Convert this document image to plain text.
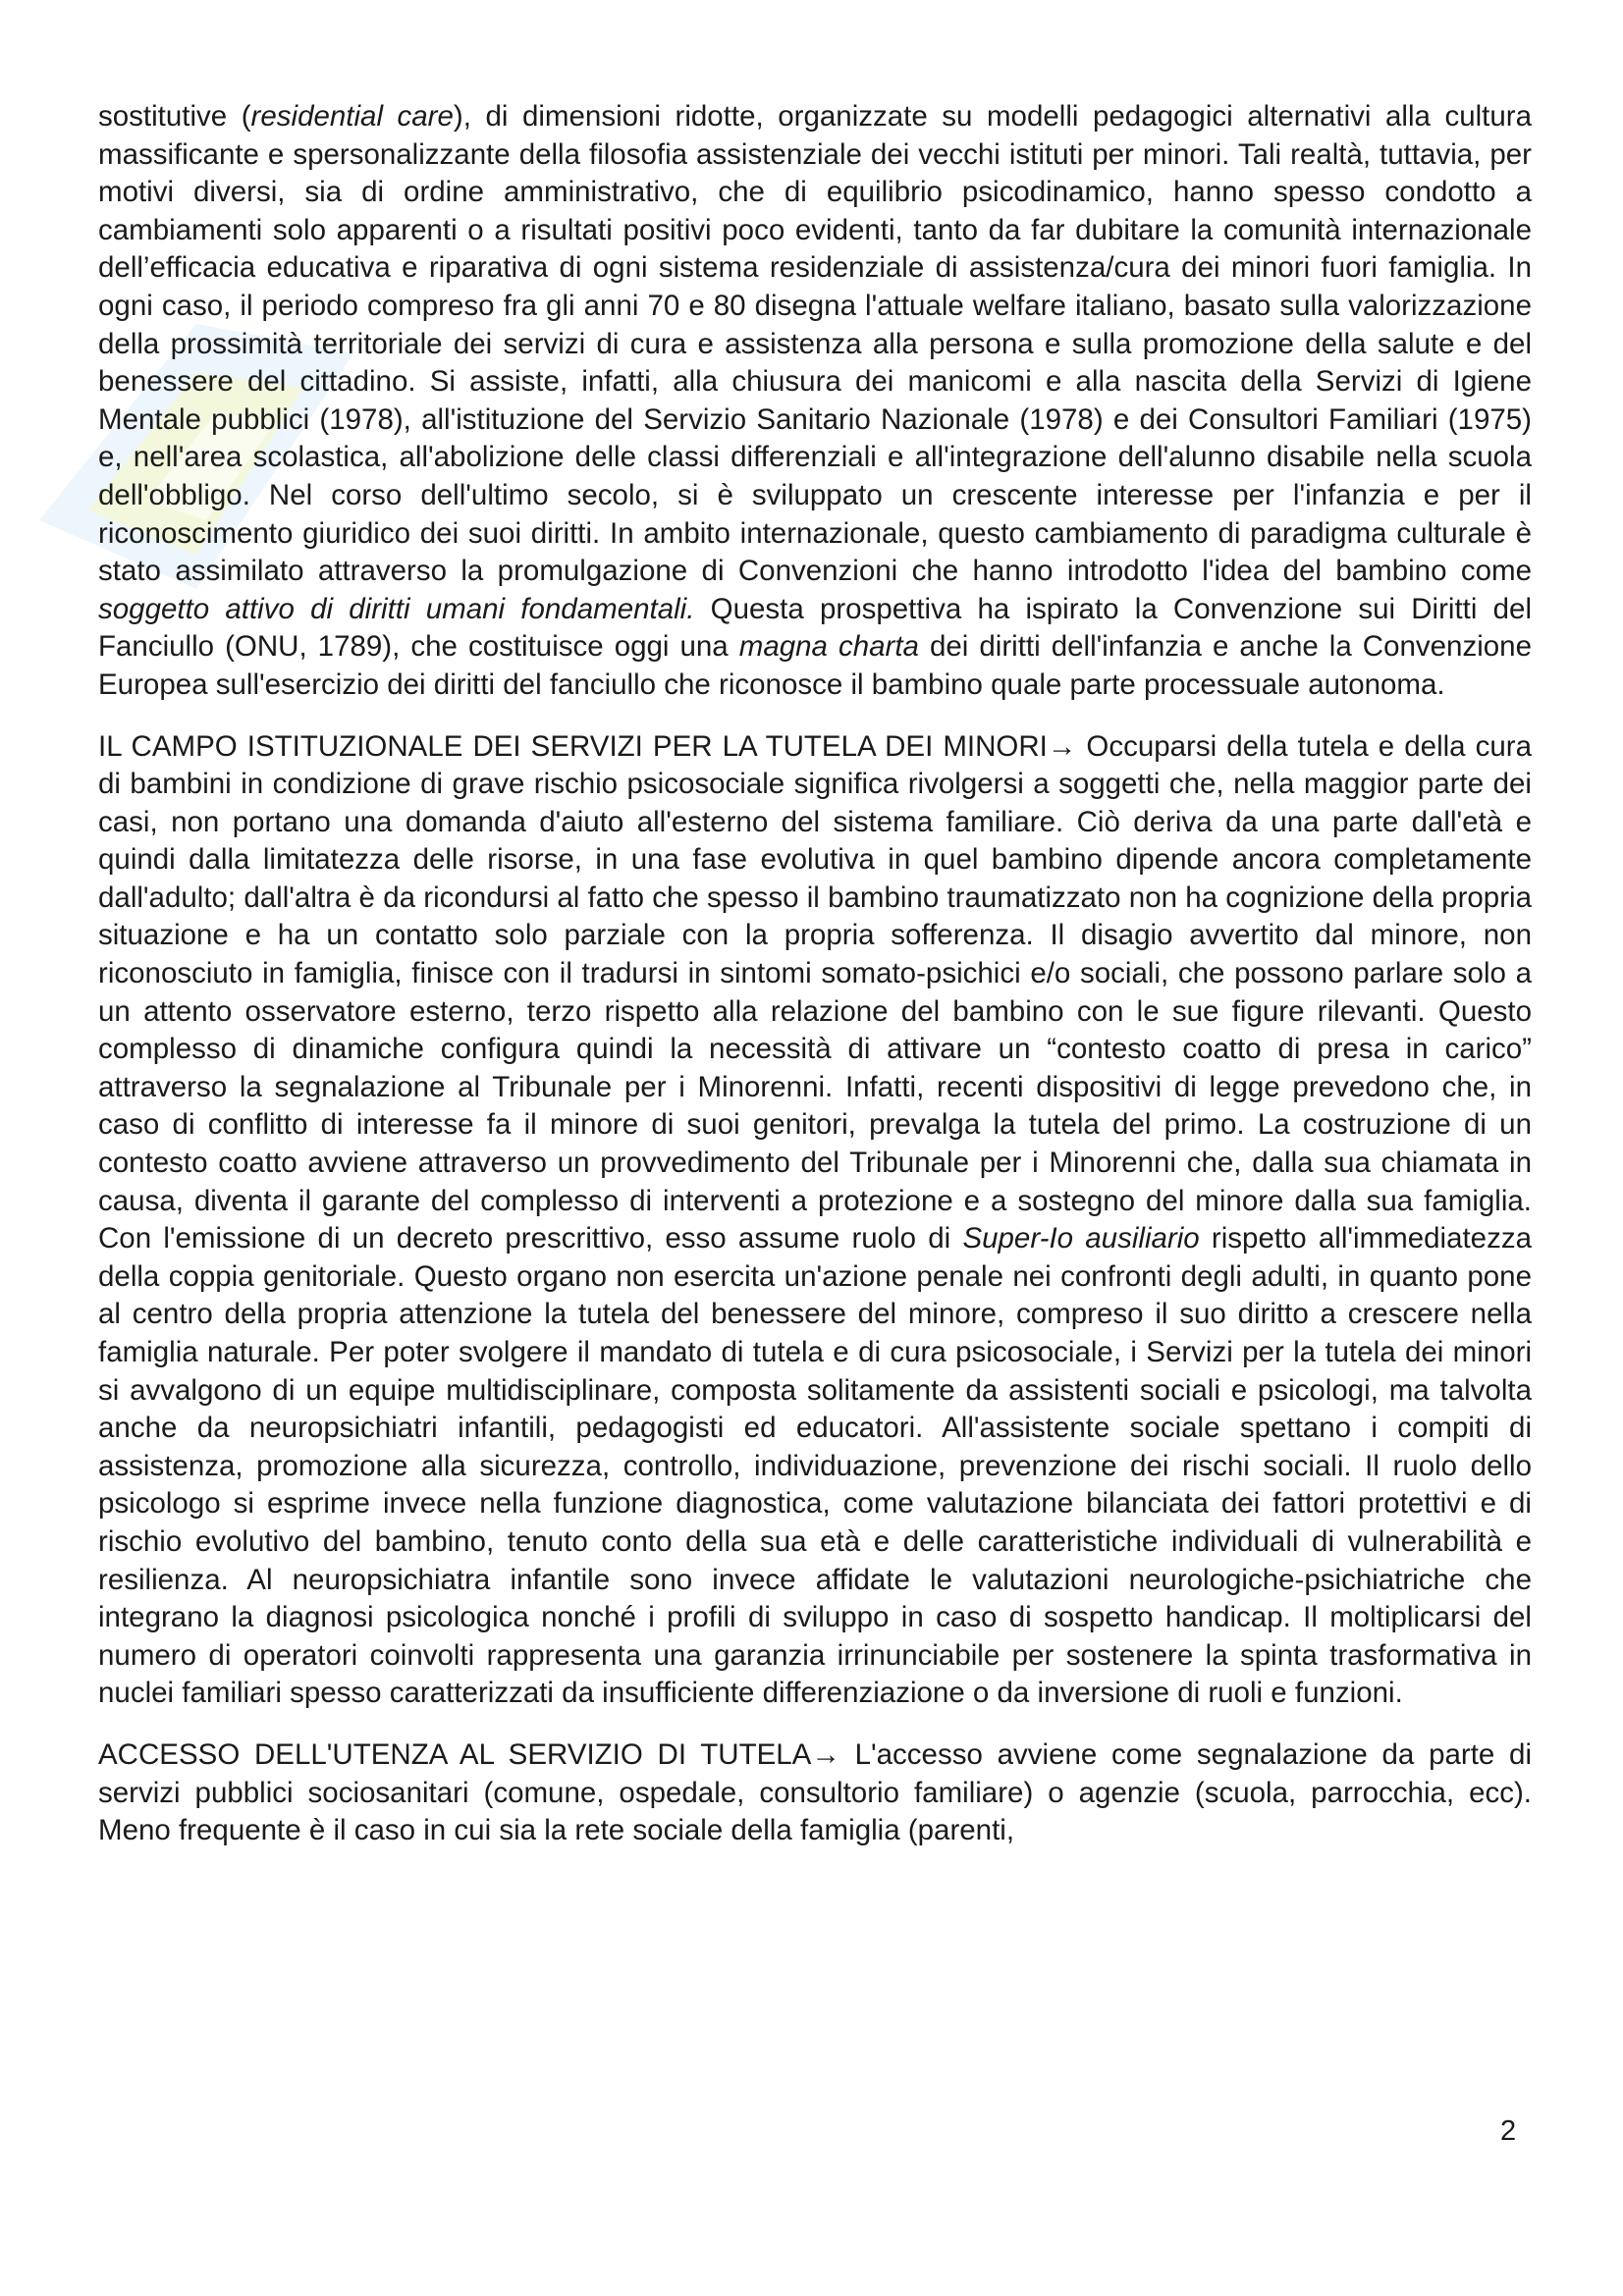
sostitutive (residential care), di dimensioni ridotte, organizzate su modelli pedagogici alternativi alla cultura massificante e spersonalizzante della filosofia assistenziale dei vecchi istituti per minori. Tali realtà, tuttavia, per motivi diversi, sia di ordine amministrativo, che di equilibrio psicodinamico, hanno spesso condotto a cambiamenti solo apparenti o a risultati positivi poco evidenti, tanto da far dubitare la comunità internazionale dell’efficacia educativa e riparativa di ogni sistema residenziale di assistenza/cura dei minori fuori famiglia. In ogni caso, il periodo compreso fra gli anni 70 e 80 disegna l'attuale welfare italiano, basato sulla valorizzazione della prossimità territoriale dei servizi di cura e assistenza alla persona e sulla promozione della salute e del benessere del cittadino. Si assiste, infatti, alla chiusura dei manicomi e alla nascita della Servizi di Igiene Mentale pubblici (1978), all'istituzione del Servizio Sanitario Nazionale (1978) e dei Consultori Familiari (1975) e, nell'area scolastica, all'abolizione delle classi differenziali e all'integrazione dell'alunno disabile nella scuola dell'obbligo. Nel corso dell'ultimo secolo, si è sviluppato un crescente interesse per l'infanzia e per il riconoscimento giuridico dei suoi diritti. In ambito internazionale, questo cambiamento di paradigma culturale è stato assimilato attraverso la promulgazione di Convenzioni che hanno introdotto l'idea del bambino come soggetto attivo di diritti umani fondamentali. Questa prospettiva ha ispirato la Convenzione sui Diritti del Fanciullo (ONU, 1789), che costituisce oggi una magna charta dei diritti dell'infanzia e anche la Convenzione Europea sull'esercizio dei diritti del fanciullo che riconosce il bambino quale parte processuale autonoma.

IL CAMPO ISTITUZIONALE DEI SERVIZI PER LA TUTELA DEI MINORI→ Occuparsi della tutela e della cura di bambini in condizione di grave rischio psicosociale significa rivolgersi a soggetti che, nella maggior parte dei casi, non portano una domanda d'aiuto all'esterno del sistema familiare. Ciò deriva da una parte dall'età e quindi dalla limitatezza delle risorse, in una fase evolutiva in quel bambino dipende ancora completamente dall'adulto; dall'altra è da ricondursi al fatto che spesso il bambino traumatizzato non ha cognizione della propria situazione e ha un contatto solo parziale con la propria sofferenza. Il disagio avvertito dal minore, non riconosciuto in famiglia, finisce con il tradursi in sintomi somato-psichici e/o sociali, che possono parlare solo a un attento osservatore esterno, terzo rispetto alla relazione del bambino con le sue figure rilevanti. Questo complesso di dinamiche configura quindi la necessità di attivare un “contesto coatto di presa in carico” attraverso la segnalazione al Tribunale per i Minorenni. Infatti, recenti dispositivi di legge prevedono che, in caso di conflitto di interesse fa il minore di suoi genitori, prevalga la tutela del primo. La costruzione di un contesto coatto avviene attraverso un provvedimento del Tribunale per i Minorenni che, dalla sua chiamata in causa, diventa il garante del complesso di interventi a protezione e a sostegno del minore dalla sua famiglia. Con l'emissione di un decreto prescrittivo, esso assume ruolo di Super-Io ausiliario rispetto all'immediatezza della coppia genitoriale. Questo organo non esercita un'azione penale nei confronti degli adulti, in quanto pone al centro della propria attenzione la tutela del benessere del minore, compreso il suo diritto a crescere nella famiglia naturale. Per poter svolgere il mandato di tutela e di cura psicosociale, i Servizi per la tutela dei minori si avvalgono di un equipe multidisciplinare, composta solitamente da assistenti sociali e psicologi, ma talvolta anche da neuropsichiatri infantili, pedagogisti ed educatori. All'assistente sociale spettano i compiti di assistenza, promozione alla sicurezza, controllo, individuazione, prevenzione dei rischi sociali. Il ruolo dello psicologo si esprime invece nella funzione diagnostica, come valutazione bilanciata dei fattori protettivi e di rischio evolutivo del bambino, tenuto conto della sua età e delle caratteristiche individuali di vulnerabilità e resilienza. Al neuropsichiatra infantile sono invece affidate le valutazioni neurologiche-psichiatriche che integrano la diagnosi psicologica nonché i profili di sviluppo in caso di sospetto handicap. Il moltiplicarsi del numero di operatori coinvolti rappresenta una garanzia irrinunciabile per sostenere la spinta trasformativa in nuclei familiari spesso caratterizzati da insufficiente differenziazione o da inversione di ruoli e funzioni.

ACCESSO DELL'UTENZA AL SERVIZIO DI TUTELA→ L'accesso avviene come segnalazione da parte di servizi pubblici sociosanitari (comune, ospedale, consultorio familiare) o agenzie (scuola, parrocchia, ecc). Meno frequente è il caso in cui sia la rete sociale della famiglia (parenti,

2
